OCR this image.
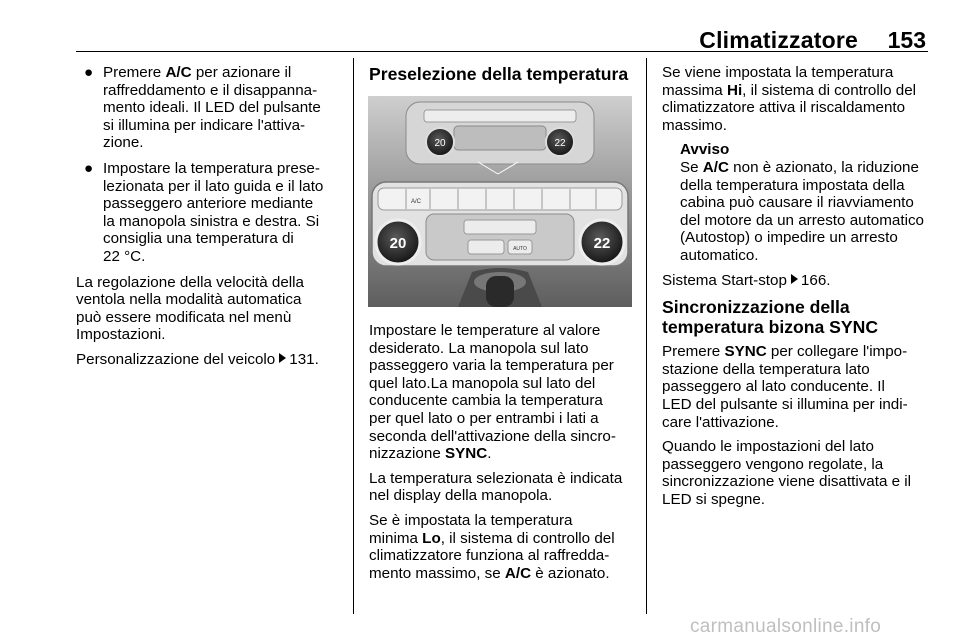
Climatizzatore 153
● Premere A/C per azionare il
raffreddamento e il disappanna-
mento ideali. Il LED del pulsante
si illumina per indicare l'attiva-
zione.
● Impostare la temperatura prese-
lezionata per il lato guida e il lato
passeggero anteriore mediante
la manopola sinistra e destra. Si
consiglia una temperatura di
22 °C.

La regolazione della velocità della
ventola nella modalità automatica
può essere modificata nel menù
Impostazioni.

Personalizzazione del veicolo 131.

Preselezione della temperatura
20	22
A/C
AUTO
20	22

Impostare le temperature al valore
desiderato. La manopola sul lato
passeggero varia la temperatura per
quel lato.La manopola sul lato del
conducente cambia la temperatura
per quel lato o per entrambi i lati a
seconda dell'attivazione della sincro-
nizzazione SYNC.

La temperatura selezionata è indicata
nel display della manopola.

Se è impostata la temperatura
minima Lo, il sistema di controllo del
climatizzatore funziona al raffredda-
mento massimo, se A/C è azionato.

Se viene impostata la temperatura
massima Hi, il sistema di controllo del
climatizzatore attiva il riscaldamento
massimo.

Avviso
Se A/C non è azionato, la riduzione
della temperatura impostata della
cabina può causare il riavviamento
del motore da un arresto automatico
(Autostop) o impedire un arresto
automatico.

Sistema Start-stop 166.

Sincronizzazione della
temperatura bizona SYNC

Premere SYNC per collegare l'impo-
stazione della temperatura lato
passeggero al lato conducente. Il
LED del pulsante si illumina per indi-
care l'attivazione.

Quando le impostazioni del lato
passeggero vengono regolate, la
sincronizzazione viene disattivata e il
LED si spegne.

carmanualsonline.info
